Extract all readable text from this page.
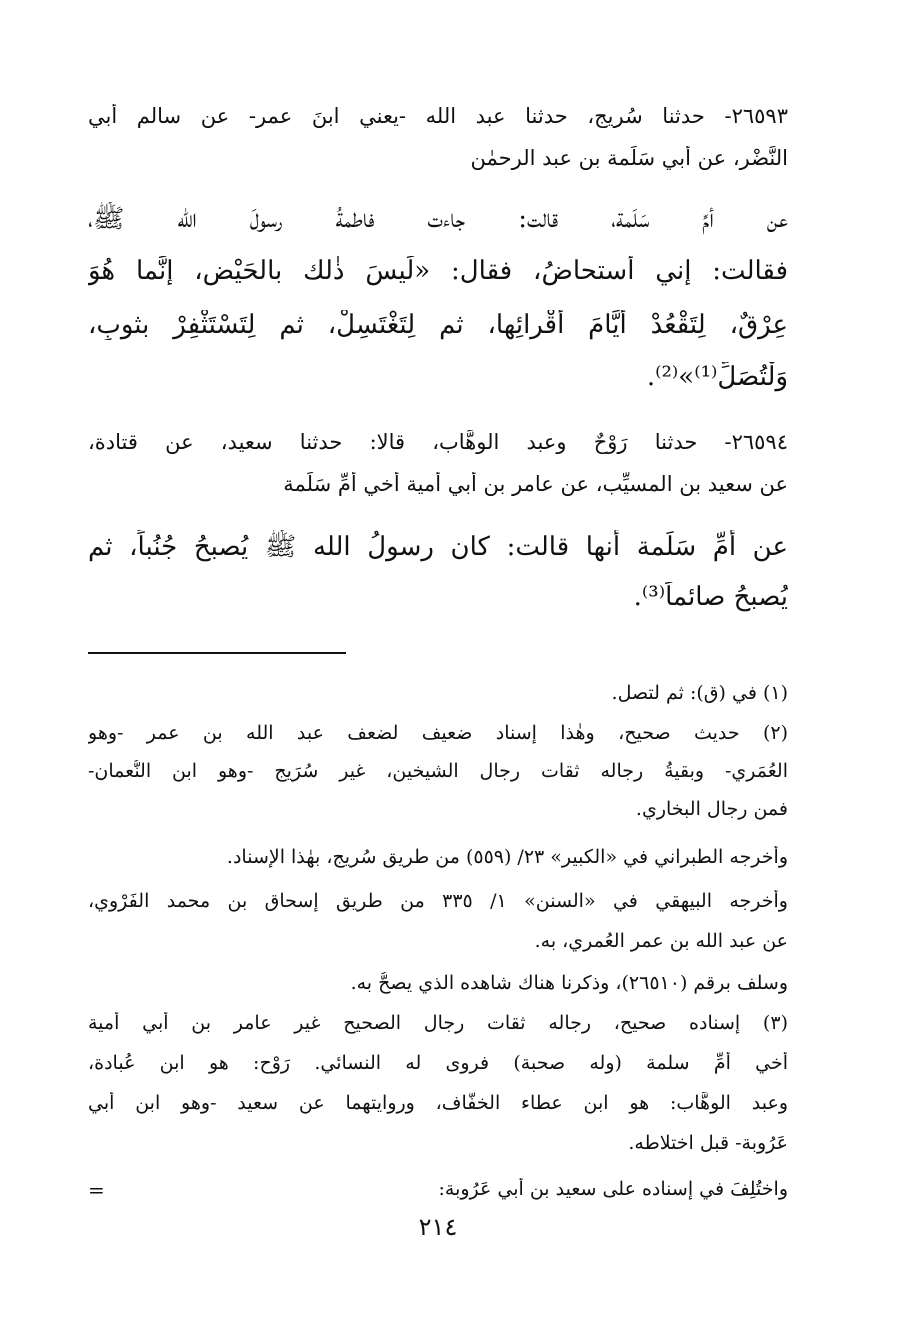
٢٦٥٩٣- حدثنا سُريج، حدثنا عبد الله -يعني ابنَ عمر- عن سالم أبي
النَّضْر، عن أبي سَلَمة بن عبد الرحمٰن
عن أمِّ سَلَمة، قالت: جاءت فاطمةُ رسولَ الله ﷺ،
فقالت: إني أُستحاضُ، فقال: «لَيسَ ذٰلك بالحَيْضِ، إنَّما هُوَ
عِرْقٌ، لِتَقْعُدْ أيَّامَ أقْرائِها، ثم لِتَغْتَسِلْ، ثم لِتَسْتَثْفِرْ بثوبٍ،
وَلْتُصَلِّ⁽¹⁾»⁽²⁾.
٢٦٥٩٤- حدثنا رَوْحٌ وعبد الوهَّاب، قالا: حدثنا سعيد، عن قتادة،
عن سعيد بن المسيِّب، عن عامر بن أبي أمية أخي أمِّ سَلَمة
عن أمِّ سَلَمة أنها قالت: كان رسولُ الله ﷺ يُصبحُ جُنُباً، ثم
يُصبحُ صائماً⁽³⁾.
(١) في (ق): ثم لتصل.
(٢) حديث صحيح، وهٰذا إسناد ضعيف لضعف عبد الله بن عمر -وهو
العُمَري- وبقيةُ رجاله ثقات رجال الشيخين، غير سُرَيج -وهو ابن النُّعمان-
فمن رجال البخاري.
وأخرجه الطبراني في «الكبير» ٢٣/ (٥٥٩) من طريق سُريج، بهٰذا الإسناد.
وأخرجه البيهقي في «السنن» ١/ ٣٣٥ من طريق إسحاق بن محمد الفَرْوي،
عن عبد الله بن عمر العُمري، به.
وسلف برقم (٢٦٥١٠)، وذكرنا هناك شاهده الذي يصحُّ به.
(٣) إسناده صحيح، رجاله ثقات رجال الصحيح غير عامر بن أبي أمية
أخي أمِّ سلمة (وله صحبة) فروى له النسائي. رَوْح: هو ابن عُبادة،
وعبد الوهَّاب: هو ابن عطاء الخفَّاف، وروايتهما عن سعيد -وهو ابن أبي
عَرُوبة- قبل اختلاطه.
واختُلِفَ في إسناده على سعيد بن أبي عَرُوبة:
=
٢١٤
